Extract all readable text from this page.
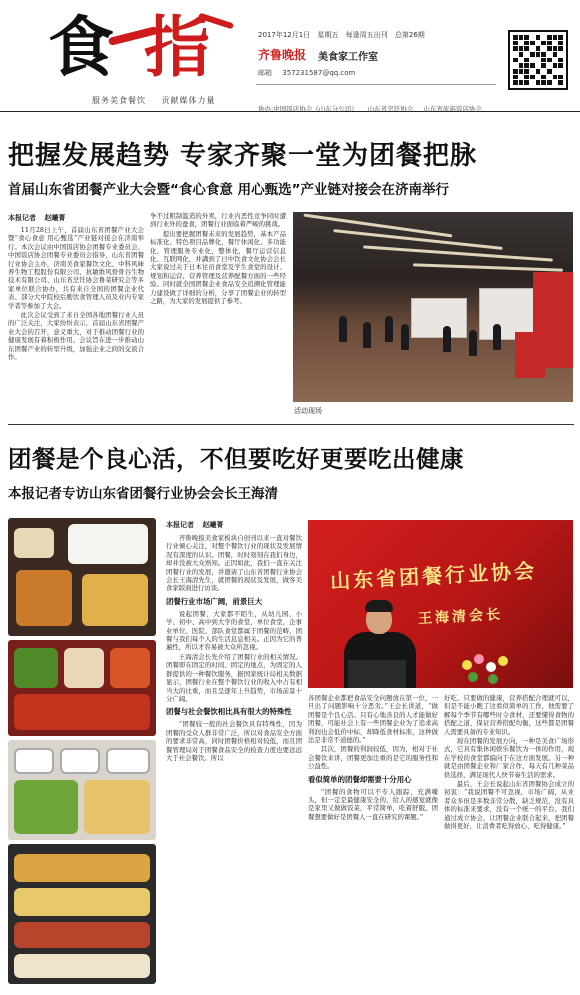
食 指
服务美食餐饮 贡献媒体力量
2017年12月1日 星期五 每逢周五出刊 总第26期
齐鲁晚报 美食家工作室
邮箱 357231587@qq.com
协办:中国饭店协会（山东分公司） 山东省烹饪协会 山东省旅游饭店协会
把握发展趋势 专家齐聚一堂为团餐把脉
首届山东省团餐产业大会暨“食心食意 用心甄选”产业链对接会在济南举行
本报记者 赵曦菁

11月28日上午，首届山东省团餐产业大会暨“食心食意 用心甄选”产业链对接会在济南举行。本次会议由中国饭店协会团餐专业委员会、中国饭店协会团餐专业委员会指导，山东省团餐行业协会主办，济南美食家餐饮文化、中科风味养生物工程股份有限公司、抗敏维风骨骨谷生物技术有限公司、山东省烹饪协会鲁菜研究会等多家单位联合协办，共有来自全国的团餐企业代表、部分大中院校后勤饮食管理人员及业内专家学者等参加了大会。

此次会议受到了来自全国各地团餐行业人员的广泛关注，大家纷纷表示，首届山东省团餐产业大会的召开，意义重大，对于推动团餐行业的健康发展有着积极作用。会议旨在进一步推动山东团餐产业的转型升级，加强企业之间的交流合作。

争不过粗制滥造的外卖，行业内恶性竞争同时遭到行业外的蚕食，团餐行业面临着严峻的挑战。

提出要把握团餐未来的发展趋势，基本产品标准化、特色项目品牌化，餐厅休闲化、多功能化，管理服务专业化，整体化，餐厅运营信息化、互联网化，并講到了日中饮食文化协会会长大家说过关于日本往员食堂及学生食堂的设计、规划和运营、营养管理及营养配餐方面的一些经验。同时就全国团餐企业食品安全追溯化管理能力建设做了详细的分析，分享了团餐企业的转型之路，为大家的发展提供了参考。

活动现场
团餐是个良心活，不但要吃好更要吃出健康
本报记者专访山东省团餐行业协会会长王海清
本报记者 赵曦菁

齐鲁晚报美食家板块自创刊以来一直对餐饮行业倾心关注，对整个餐饮行业的现状及发展情况有深度的认识。团餐，时时刻刻在我们身边，却并没被大众熟知。正因如此，我们一直在关注团餐行业的发展，并邀请了山东省团餐行业协会会长王海清先生，就团餐的现状及发展，做客美食家版面进行访谈。

团餐行业市场广阔，前景巨大

说起团餐，大家都不陌生，从幼儿园、小学、初中、高中到大学的食堂，单位食堂，企事业单位、医院、部队食堂都属于团餐的范畴，团餐与我们每个人的生活息息相关。正因为它的普遍性，所以才容易被大众所忽视。

王海清会长先介绍了团餐行业的相关情况。团餐即在固定的时间、固定的地点，为固定的人群提供的一种餐饮服务，据国家统计局相关数据显示，团餐行业在整个餐饮行业的收入中占有相当大的比重，而且呈逐年上升趋势，市场前景十分广阔。

团餐与社会餐饮相比具有很大的特殊性

“团餐较一般的社会餐饮具有特殊性，因为团餐的受众人群非常广泛，所以对食品安全方面的要求非常高，同时团餐价格相对较低，而且团餐管理局对于团餐食品安全的检查力度也要远远大于社会餐饮。所以

山东省团餐行业协会
王海清会长

各团餐企业都把食品安全问题放在第一位，一旦出了问题影响十分恶劣。”王会长讲道，“做团餐是个良心活。只有心地善良的人才能做好团餐，可能社会上有一些团餐企业为了追求高利润也会低价中标，却降低食材标准，这种做法是非常不道德的。”

其次，团餐的利润较低，因为，相对于社会餐饮来讲，团餐更加注重的是它的服务性和公益性。

看似简单的团餐却需要十分用心

“团餐的食物可以不专人跟踪，充满噱头，但一定是最健康安全的，给人的感觉就像是家里又做做饭菜，平常简单，吃着舒服。团餐想要做好是团餐人一直在研究的课题。”

好吃，只要做的健康，营养搭配合理就可以，但是不能小瞧了这看似简单的工作，他需要了解每个季节有哪些时令食材，还要懂得食物的搭配之道，保证营养搭配均衡，这些都是团餐人需要具备的专业知识。

现在团餐的发展方向，一种是美食广场形式，它具有集休闲娱乐餐饮为一体的作用，现在学校的食堂都偏向于在这方面发展。另一种就是由团餐企业和厂家合作，每天有几种菜品供选择，满足现代人快节奏生活的需求。

最后，王会长说起山东省团餐协会成立的初衷：“我说团餐不可忽视，市场广阔，从业者众多但是多数非常分散，缺乏规范，没有具体的标准来要求，没有一个统一的平台。我们通过成立协会，让团餐企业联合起来，把团餐做得更好，让消费者吃得放心、吃得健康。”
